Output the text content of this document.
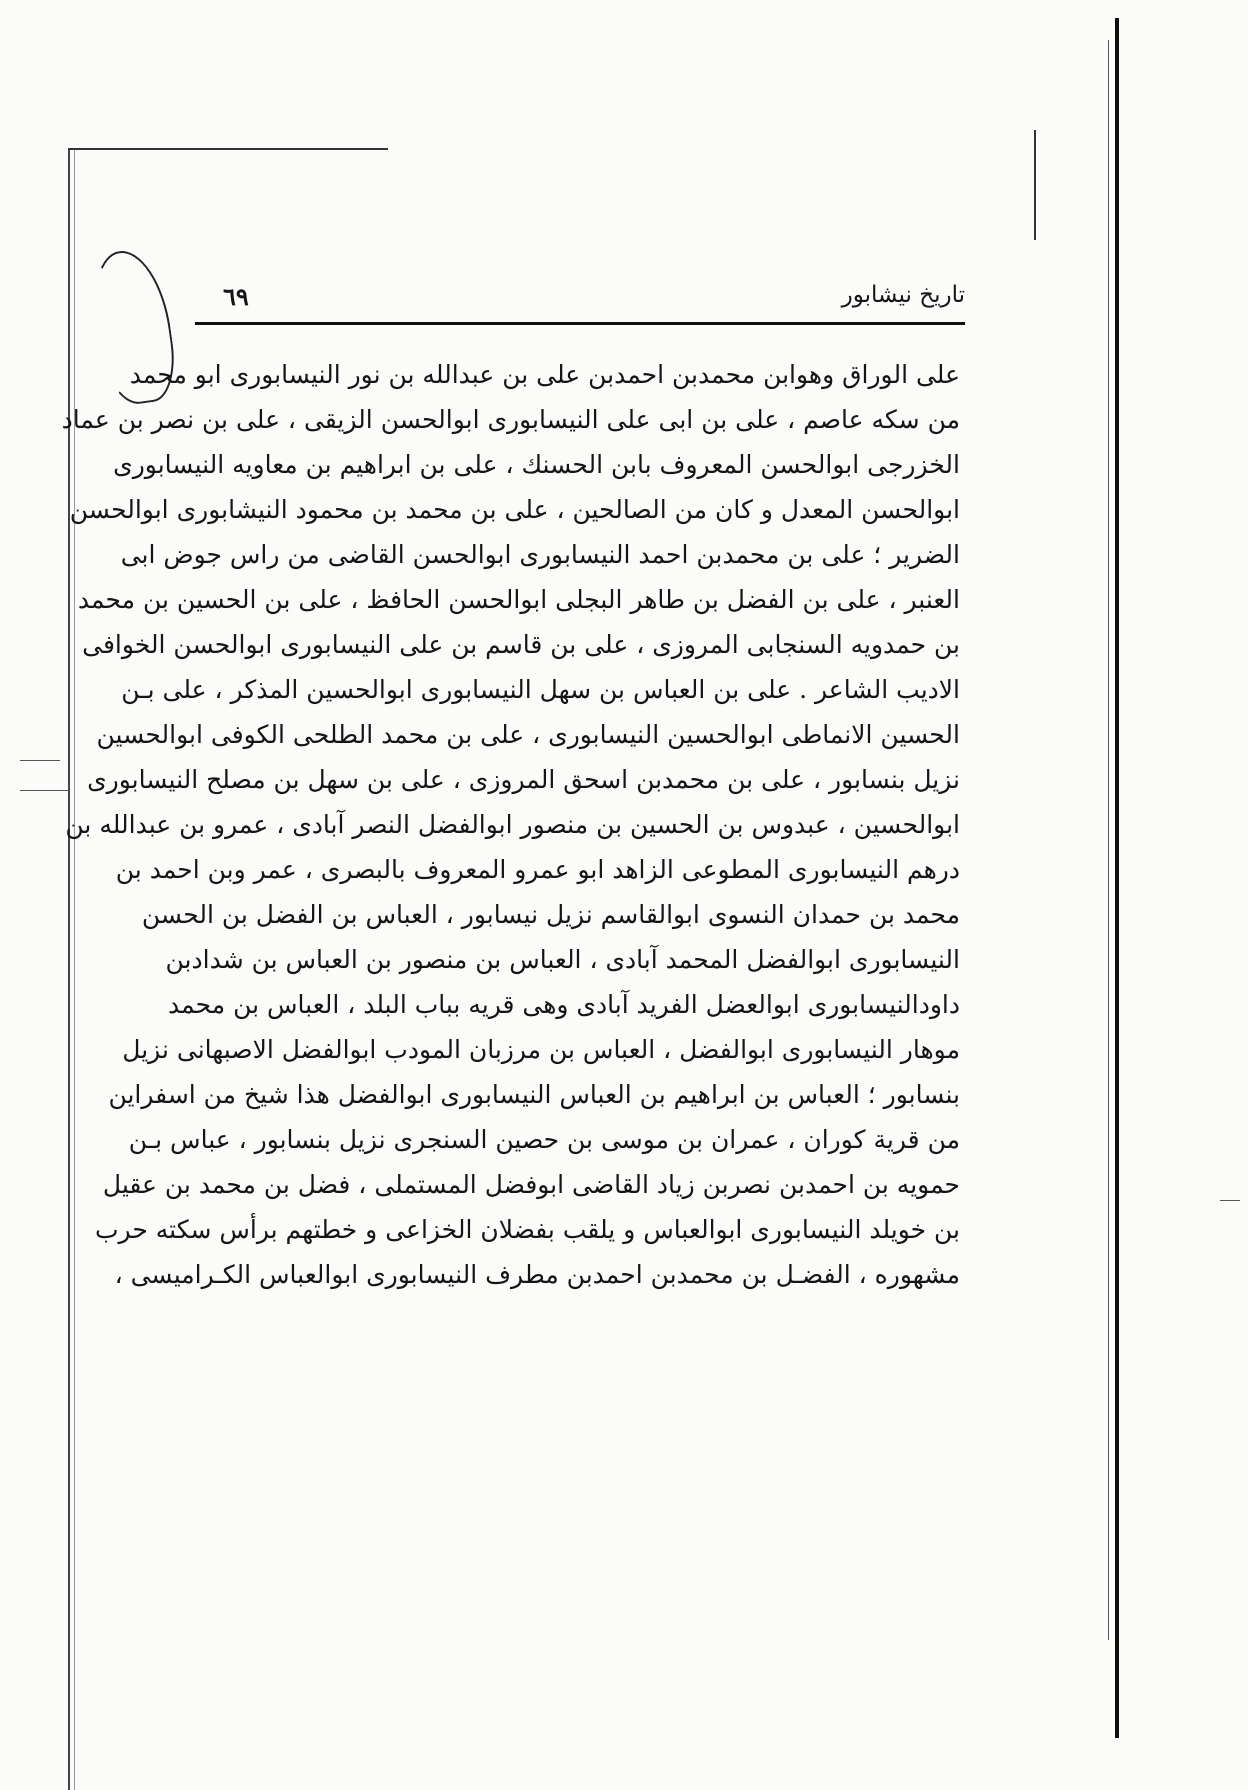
تاریخ نیشابور
٦٩
علی الوراق وهوابن محمدبن احمدبن علی بن عبدالله بن نور النیسابوری ابو محمد
من سکه عاصم ، علی بن ابی علی النیسابوری ابوالحسن الزیقی ، علی بن نصر بن عماد
الخزرجی ابوالحسن المعروف بابن الحسنك ، علی بن ابراهیم بن معاویه النیسابوری
ابوالحسن المعدل و کان من الصالحین ، علی بن محمد بن محمود النیشابوری ابوالحسن
الضریر ؛ علی بن محمدبن احمد النیسابوری ابوالحسن القاضی من راس جوض ابی
العنبر ، علی بن الفضل بن طاهر البجلی ابوالحسن الحافظ ، علی بن الحسین بن محمد
بن حمدویه السنجابی المروزی ، علی بن قاسم بن علی النیسابوری ابوالحسن الخوافی
الادیب الشاعر . علی بن العباس بن سهل النیسابوری ابوالحسین المذکر ، علی بـن
الحسین الانماطی ابوالحسین النیسابوری ، علی بن محمد الطلحی الکوفی ابوالحسین
نزیل بنسابور ، علی بن محمدبن اسحق المروزی ، علی بن سهل بن مصلح النیسابوری
ابوالحسین ، عبدوس بن الحسین بن منصور ابوالفضل النصر آبادی ، عمرو بن عبدالله بن
درهم النیسابوری المطوعی الزاهد ابو عمرو المعروف بالبصری ، عمر وبن احمد بن
محمد بن حمدان النسوی ابوالقاسم نزیل نیسابور ، العباس بن الفضل بن الحسن
النیسابوری ابوالفضل المحمد آبادی ، العباس بن منصور بن العباس بن شدادبن
داودالنیسابوری ابوالعضل الفرید آبادی وهی قریه بباب البلد ، العباس بن محمد
موهار النیسابوری ابوالفضل ، العباس بن مرزبان المودب ابوالفضل الاصبهانی نزیل
بنسابور ؛ العباس بن ابراهیم بن العباس النیسابوری ابوالفضل هذا شیخ من اسفراین
من قریة کوران ، عمران بن موسی بن حصین السنجری نزیل بنسابور ، عباس بـن
حمویه بن احمدبن نصربن زیاد القاضی ابوفضل المستملی ، فضل بن محمد بن عقیل
بن خویلد النیسابوری ابوالعباس و یلقب بفضلان الخزاعی و خطتهم برأس سکته حرب
مشهوره ، الفضـل بن محمدبن احمدبن مطرف النیسابوری ابوالعباس الکـرامیسی ،
